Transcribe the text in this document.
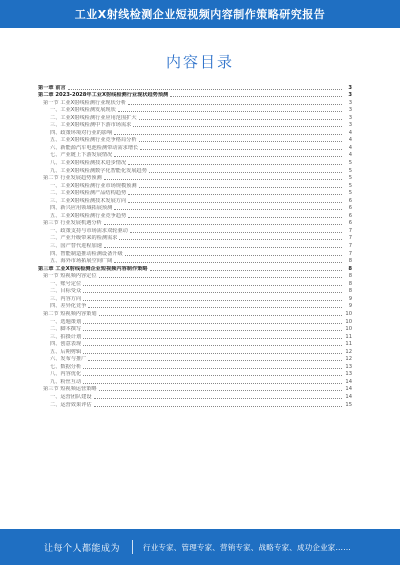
工业X射线检测企业短视频内容制作策略研究报告
内容目录
第一章 前言	3
第二章 2023-2028年工业X射线检测行业现状趋势预测	3
第一节 工业X射线检测行业现状分析	3
一、工业X射线检测发展现状	3
二、工业X射线检测行业应用范围扩大	3
三、工业X射线检测中下游市场需求	3
四、政策环境对行业的影响	4
五、工业X射线检测行业竞争格局分析	4
六、新能源汽车电池检测带动需求增长	4
七、产业链上下游发展情况	4
八、工业X射线检测技术进步情况	5
九、工业X射线检测数字化智能化发展趋势	5
第二节 行业发展趋势预测	5
一、工业X射线检测行业市场规模预测	5
二、工业X射线检测产品结构趋势	5
三、工业X射线检测技术发展方向	6
四、新兴应用领域拓展预测	6
五、工业X射线检测行业竞争趋势	6
第三节 行业发展机遇分析	6
一、政策支持与市场需求双轮驱动	7
二、产业升级带来的检测需求	7
三、国产替代进程加速	7
四、智能制造推动检测设备升级	7
五、海外市场拓展空间广阔	8
第三章 工业X射线检测企业短视频内容制作策略	8
第一节 短视频内容定位	8
一、账号定位	8
二、目标受众	8
三、内容方向	9
四、差异化竞争	9
第二节 短视频内容策划	10
一、选题策划	10
二、脚本撰写	10
三、拍摄计划	11
四、创意表现	11
五、后期剪辑	12
六、发布与推广	12
七、数据分析	13
八、内容优化	13
九、粉丝互动	14
第三节 短视频运营策略	14
一、运营团队建设	14
二、运营效果评估	15
让每个人都能成为	行业专家、管理专家、营销专家、战略专家、成功企业家……
